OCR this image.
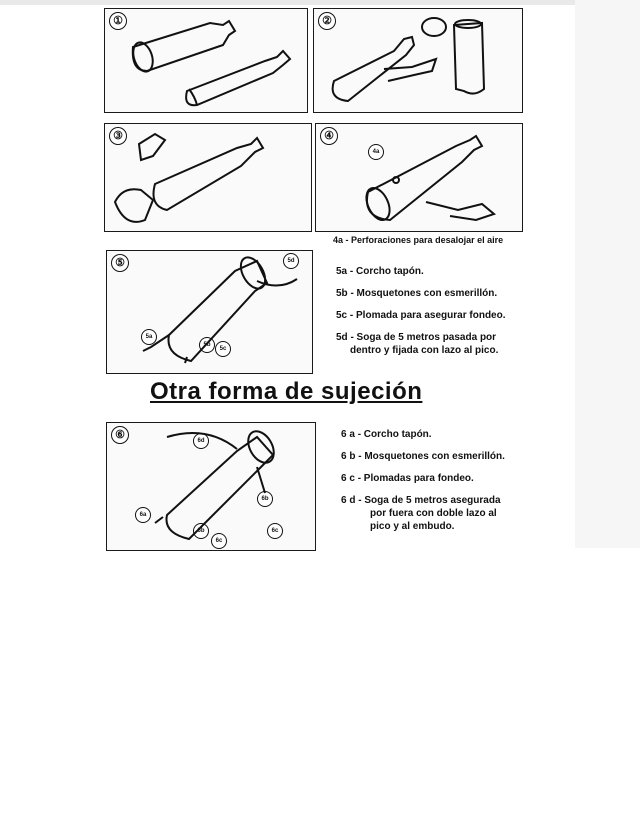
①	②
③	④
4a
4a - Perforaciones para desalojar el aire
⑤	5d
5a
5b
5c
5a - Corcho tapón.
5b - Mosquetones con esmerillón.
5c - Plomada para asegurar fondeo.
5d - Soga de 5 metros pasada por
dentro y fijada con lazo al pico.
Otra forma de sujeción
⑥	6d
6a
6b
6b	6c
6c
6 a - Corcho tapón.
6 b - Mosquetones con esmerillón.
6 c - Plomadas para fondeo.
6 d - Soga de 5 metros asegurada
por fuera con doble lazo al
pico y al embudo.
